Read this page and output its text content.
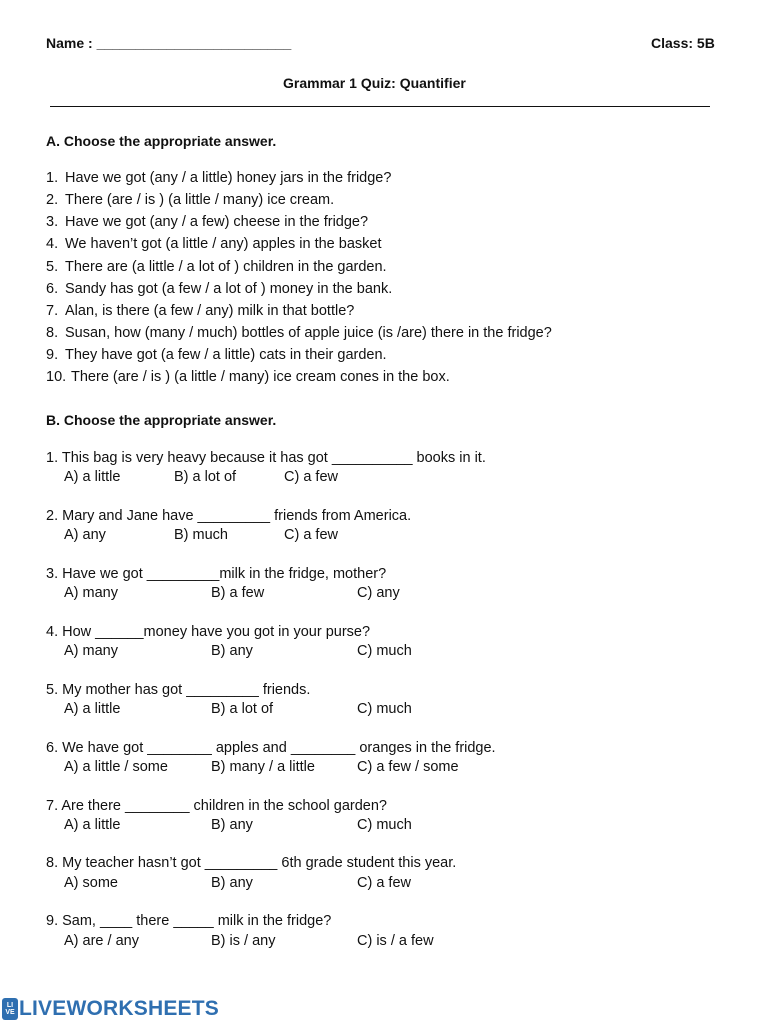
Name : _________________________	Class: 5B
Grammar 1 Quiz: Quantifier
A. Choose the appropriate answer.
1. Have we got (any / a little) honey jars in the fridge?
2. There (are / is ) (a little / many) ice cream.
3. Have we got (any / a few) cheese in the fridge?
4. We haven’t got (a little / any) apples in the basket
5. There are (a little / a lot of ) children in the garden.
6. Sandy has got (a few / a lot of ) money in the bank.
7. Alan, is there (a few / any) milk in that bottle?
8. Susan, how (many / much) bottles of apple juice (is /are) there in the fridge?
9. They have got (a few / a little) cats in their garden.
10. There (are / is ) (a little / many) ice cream cones in the box.
B. Choose the appropriate answer.
1. This bag is very heavy because it has got __________ books in it.
A) a little	B) a lot of	C) a few
2. Mary and Jane have _________ friends from America.
A) any	B) much	C) a few
3. Have we got _________milk in the fridge, mother?
A) many	B) a few	C) any
4. How ______money have you got in your purse?
A) many	B) any	C) much
5. My mother has got _________ friends.
A) a little	B) a lot of	C) much
6. We have got ________ apples and ________ oranges in the fridge.
A) a little / some	B) many / a little	C) a few / some
7. Are there ________ children in the school garden?
A) a little	B) any	C) much
8. My teacher hasn’t got _________ 6th grade student this year.
A) some	B) any	C) a few
9. Sam, ____ there _____ milk in the fridge?
A) are / any	B) is / any	C) is / a few
LI
VE LIVEWORKSHEETS
